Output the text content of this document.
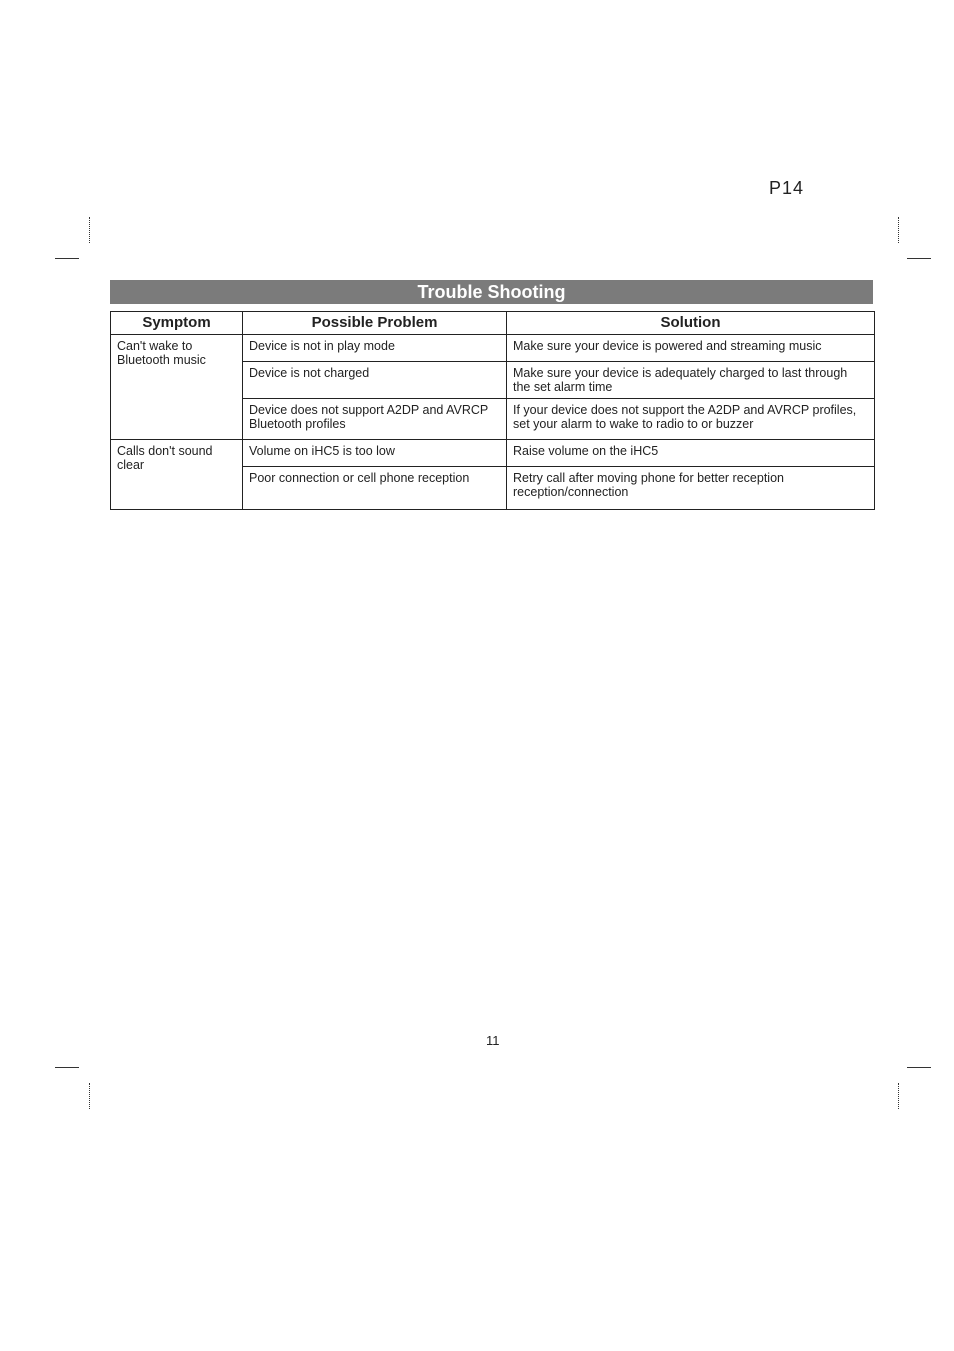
P14
Trouble Shooting
Symptom	Possible Problem	Solution
Can't wake to Bluetooth music	Device is not in play mode	Make sure your device is powered and streaming music
	Device is not charged	Make sure your device is adequately charged to last through the set alarm time
	Device does not support A2DP and AVRCP Bluetooth profiles	If your device does not support the A2DP and AVRCP profiles, set your alarm to wake to radio to or buzzer
Calls don't sound clear	Volume on iHC5 is too low	Raise volume on the iHC5
	Poor connection or cell phone reception	Retry call after moving phone for better reception reception/connection
11
